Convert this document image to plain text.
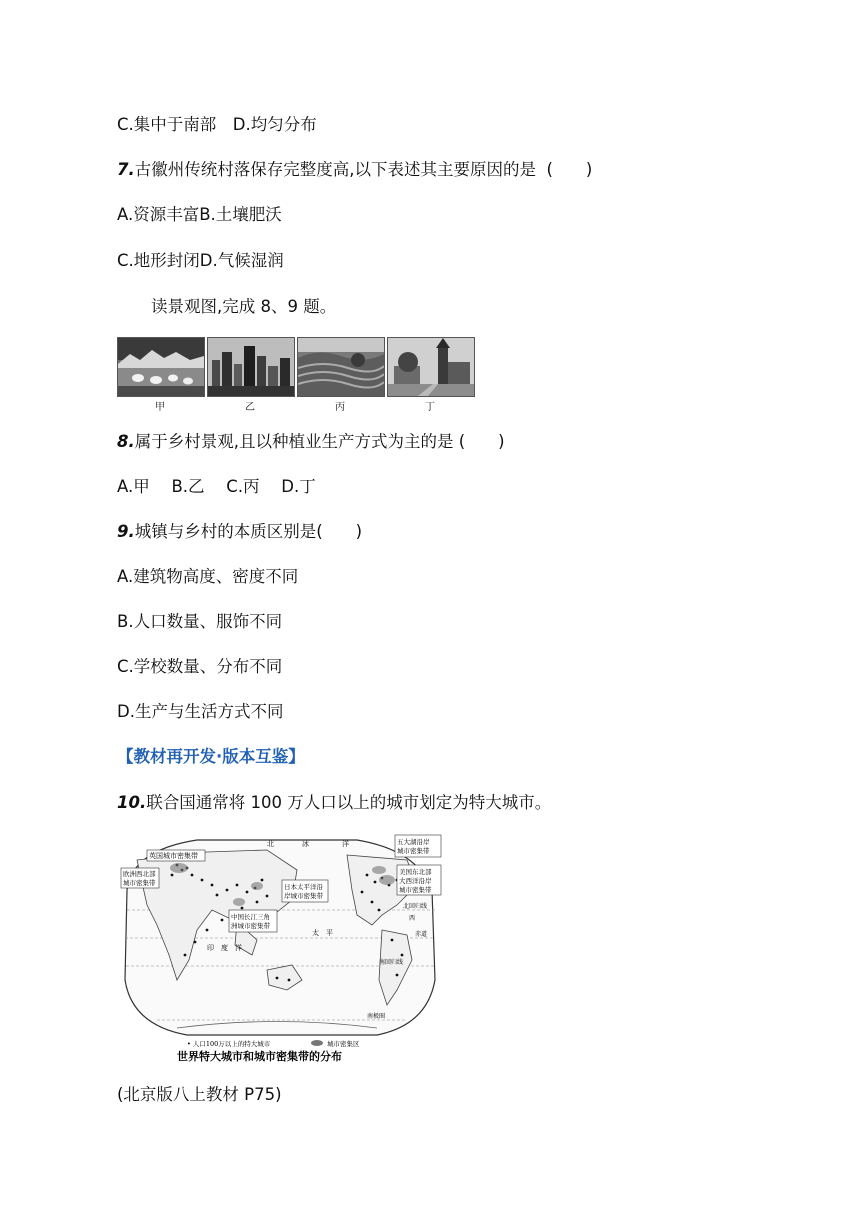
C.集中于南部　D.均匀分布
7.古徽州传统村落保存完整度高,以下表述其主要原因的是  (　　)
A.资源丰富B.土壤肥沃
C.地形封闭D.气候湿润
读景观图,完成 8、9 题。
甲	乙	丙	丁
8.属于乡村景观,且以种植业生产方式为主的是 (　　)
A.甲　 B.乙　 C.丙　 D.丁
9.城镇与乡村的本质区别是(　　)
A.建筑物高度、密度不同
B.人口数量、服饰不同
C.学校数量、分布不同
D.生产与生活方式不同
【教材再开发·版本互鉴】
10.联合国通常将 100 万人口以上的城市划定为特大城市。
英国城市密集带
欧洲西北部
城市密集带	日本太平洋沿
岸城市密集带
中国长江三角
洲城市密集带
五大湖沿岸
城市密集带
美国东北部
大西洋沿岸
城市密集带
北	冰	洋
太　平
印　度　洋
西
北回归线
赤道
南回归线
南极圈
• 人口100万以上的特大城市	城市密集区
世界特大城市和城市密集带的分布
(北京版八上教材 P75)
